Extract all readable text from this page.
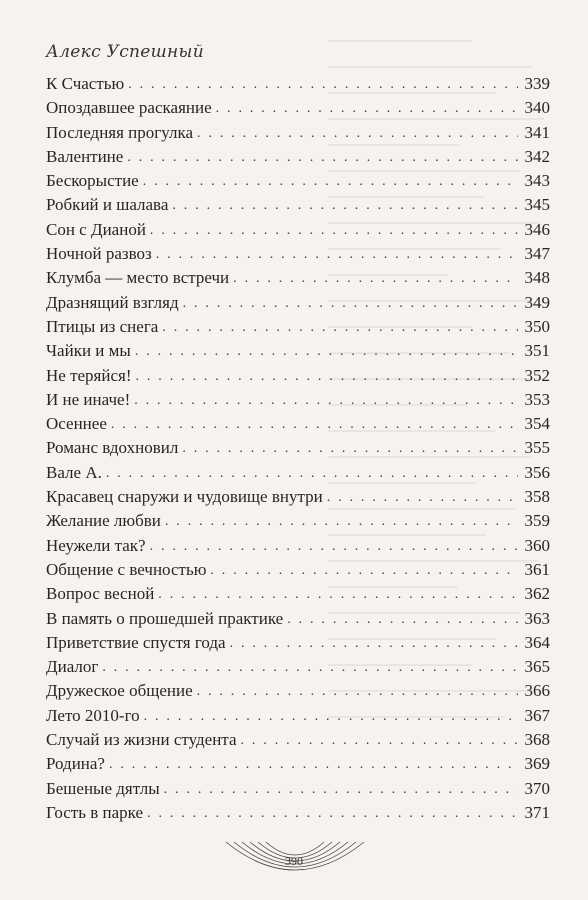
Алекс Успешный
К Счастью . . .	339
Опоздавшее раскаяние . . .	340
Последняя прогулка . . .	341
Валентине . . .	342
Бескорыстие . . .	343
Робкий и шалава . . .	345
Сон с Дианой . . .	346
Ночной развоз . . .	347
Клумба — место встречи . . .	348
Дразнящий взгляд . . .	349
Птицы из снега . . .	350
Чайки и мы . . .	351
Не теряйся! . . .	352
И не иначе! . . .	353
Осеннее . . .	354
Романс вдохновил . . .	355
Вале А. . . .	356
Красавец снаружи и чудовище внутри . . .	358
Желание любви . . .	359
Неужели так? . . .	360
Общение с вечностью . . .	361
Вопрос весной . . .	362
В память о прошедшей практике . . .	363
Приветствие спустя года . . .	364
Диалог . . .	365
Дружеское общение . . .	366
Лето 2010-го . . .	367
Случай из жизни студента . . .	368
Родина? . . .	369
Бешеные дятлы . . .	370
Гость в парке . . .	371
390
